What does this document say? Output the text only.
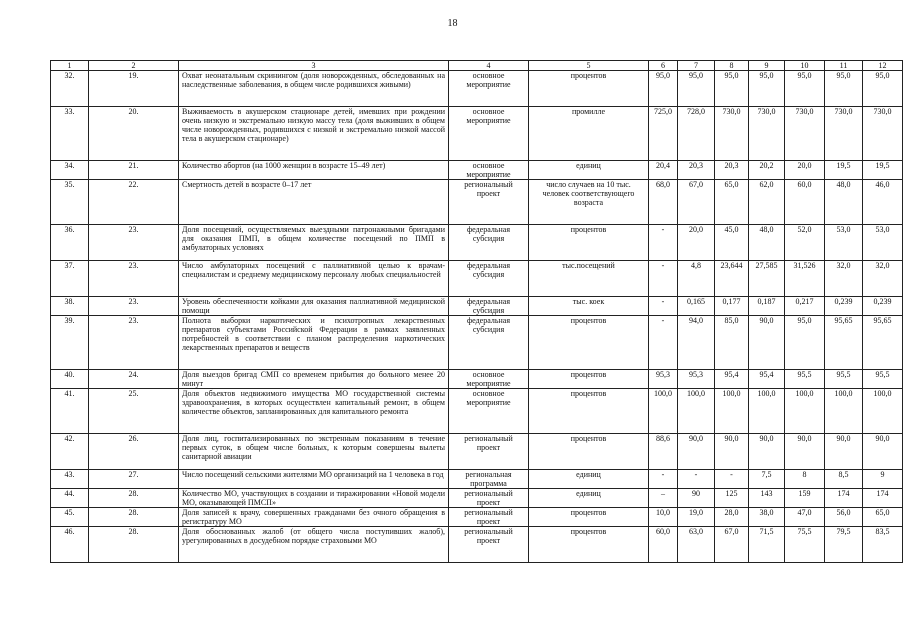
18
1	2	3	4	5	6	7	8	9	10	11	12
32.	19.	Охват неонатальным скринингом (доля новорожденных, обследованных на наследственные заболевания, в общем числе родившихся живыми)	основное мероприятие	процентов	95,0	95,0	95,0	95,0	95,0	95,0	95,0
33.	20.	Выживаемость в акушерском стационаре детей, имевших при рождении очень низкую и экстремально низкую массу тела (доля выживших в общем числе новорожденных, родившихся с низкой и экстремально низкой массой тела в акушерском стационаре)	основное мероприятие	промилле	725,0	728,0	730,0	730,0	730,0	730,0	730,0
34.	21.	Количество абортов (на 1000 женщин в возрасте 15–49 лет)	основное мероприятие	единиц	20,4	20,3	20,3	20,2	20,0	19,5	19,5
35.	22.	Смертность детей в возрасте 0–17 лет	региональный проект	число случаев на 10 тыс. человек соответствующего возраста	68,0	67,0	65,0	62,0	60,0	48,0	46,0
36.	23.	Доля посещений, осуществляемых выездными патронажными бригадами для оказания ПМП, в общем количестве посещений по ПМП в амбулаторных условиях	федеральная субсидия	процентов	-	20,0	45,0	48,0	52,0	53,0	53,0
37.	23.	Число амбулаторных посещений с паллиативной целью к врачам-специалистам и среднему медицинскому персоналу любых специальностей	федеральная субсидия	тыс.посещений	-	4,8	23,644	27,585	31,526	32,0	32,0
38.	23.	Уровень обеспеченности койками для оказания паллиативной медицинской помощи	федеральная субсидия	тыс. коек	-	0,165	0,177	0,187	0,217	0,239	0,239
39.	23.	Полнота выборки наркотических и психотропных лекарственных препаратов субъектами Российской Федерации в рамках заявленных потребностей в соответствии с планом распределения наркотических лекарственных препаратов и веществ	федеральная субсидия	процентов	-	94,0	85,0	90,0	95,0	95,65	95,65
40.	24.	Доля выездов бригад СМП со временем прибытия до больного менее 20 минут	основное мероприятие	процентов	95,3	95,3	95,4	95,4	95,5	95,5	95,5
41.	25.	Доля объектов недвижимого имущества МО государственной системы здравоохранения, в которых осуществлен капитальный ремонт, в общем количестве объектов, запланированных для капитального ремонта	основное мероприятие	процентов	100,0	100,0	100,0	100,0	100,0	100,0	100,0
42.	26.	Доля лиц, госпитализированных по экстренным показаниям в течение первых суток, в общем числе больных, к которым совершены вылеты санитарной авиации	региональный проект	процентов	88,6	90,0	90,0	90,0	90,0	90,0	90,0
43.	27.	Число посещений сельскими жителями МО организаций на 1 человека в год	региональная программа	единиц	-	-	-	7,5	8	8,5	9
44.	28.	Количество МО, участвующих в создании и тиражировании «Новой модели МО, оказывающей ПМСП»	региональный проект	единиц	–	90	125	143	159	174	174
45.	28.	Доля записей к врачу, совершенных гражданами без очного обращения в регистратуру МО	региональный проект	процентов	10,0	19,0	28,0	38,0	47,0	56,0	65,0
46.	28.	Доля обоснованных жалоб (от общего числа поступивших жалоб), урегулированных в досудебном порядке страховыми МО	региональный проект	процентов	60,0	63,0	67,0	71,5	75,5	79,5	83,5
